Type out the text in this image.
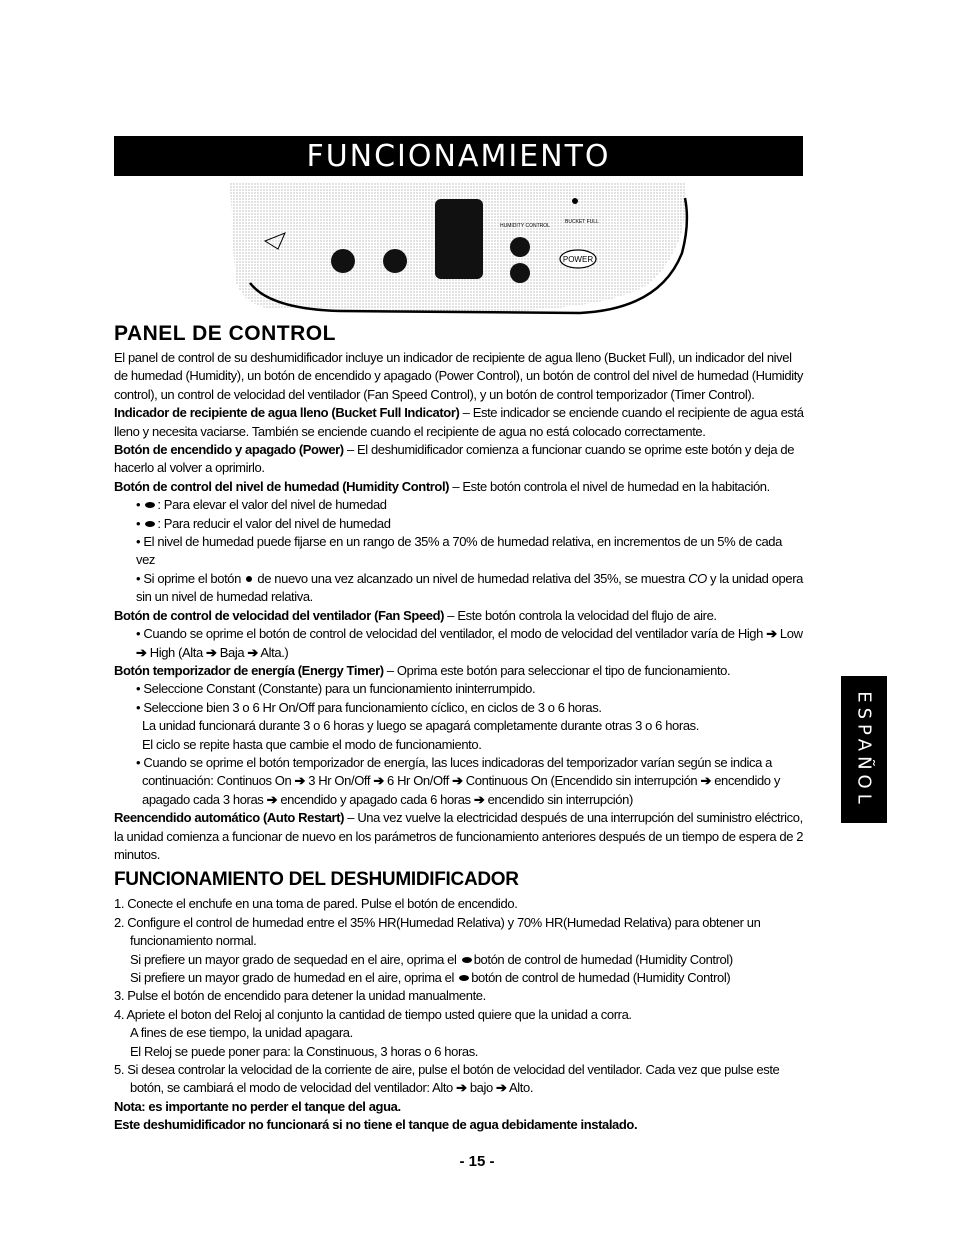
FUNCIONAMIENTO
POWER
HUMIDITY CONTROL
BUCKET FULL
PANEL DE CONTROL

El panel de control de su deshumidificador incluye un indicador de recipiente de agua lleno (Bucket Full), un indicador del nivel de humedad (Humidity), un botón de encendido y apagado (Power Control), un botón de control del nivel de humedad (Humidity control), un control de velocidad del ventilador (Fan Speed Control), y un botón de control temporizador (Timer Control).

Indicador de recipiente de agua lleno (Bucket Full Indicator) – Este indicador se enciende cuando el recipiente de agua está lleno y necesita vaciarse. También se enciende cuando el recipiente de agua no está colocado correctamente.

Botón de encendido y apagado (Power) – El deshumidificador comienza a funcionar cuando se oprime este botón y deja de hacerlo al volver a oprimirlo.

Botón de control del nivel de humedad (Humidity Control) – Este botón controla el nivel de humedad en la habitación.

• : Para elevar el valor del nivel de humedad

• : Para reducir el valor del nivel de humedad

• El nivel de humedad puede fijarse en un rango de 35% a 70% de humedad relativa, en incrementos de un 5% de cada vez

• Si oprime el botón de nuevo una vez alcanzado un nivel de humedad relativa del 35%, se muestra CO y la unidad opera sin un nivel de humedad relativa.

Botón de control de velocidad del ventilador (Fan Speed) – Este botón controla la velocidad del flujo de aire.

• Cuando se oprime el botón de control de velocidad del ventilador, el modo de velocidad del ventilador varía de High ➔ Low
➔ High (Alta ➔ Baja ➔ Alta.)

Botón temporizador de energía (Energy Timer) – Oprima este botón para seleccionar el tipo de funcionamiento.

• Seleccione Constant (Constante) para un funcionamiento ininterrumpido.

• Seleccione bien 3 o 6 Hr On/Off para funcionamiento cíclico, en ciclos de 3 o 6 horas.

La unidad funcionará durante 3 o 6 horas y luego se apagará completamente durante otras 3 o 6 horas.

El ciclo se repite hasta que cambie el modo de funcionamiento.

• Cuando se oprime el botón temporizador de energía, las luces indicadoras del temporizador varían según se indica a
continuación: Continuos On ➔ 3 Hr On/Off ➔ 6 Hr On/Off ➔ Continuous On (Encendido sin interrupción ➔ encendido y
apagado cada 3 horas ➔ encendido y apagado cada 6 horas ➔ encendido sin interrupción)

Reencendido automático (Auto Restart) – Una vez vuelve la electricidad después de una interrupción del suministro eléctrico, la unidad comienza a funcionar de nuevo en los parámetros de funcionamiento anteriores después de un tiempo de espera de 2 minutos.

FUNCIONAMIENTO DEL DESHUMIDIFICADOR

1. Conecte el enchufe en una toma de pared. Pulse el botón de encendido.

2. Configure el control de humedad entre el 35% HR(Humedad Relativa) y 70% HR(Humedad Relativa) para obtener un funcionamiento normal.

Si prefiere un mayor grado de sequedad en el aire, oprima el botón de control de humedad (Humidity Control)

Si prefiere un mayor grado de humedad en el aire, oprima el botón de control de humedad (Humidity Control)

3. Pulse el botón de encendido para detener la unidad manualmente.

4. Apriete el boton del Reloj al conjunto la cantidad de tiempo usted quiere que la unidad a corra.

A fines de ese tiempo, la unidad apagara.

El Reloj se puede poner para: la Constinuous, 3 horas o 6 horas.

5. Si desea controlar la velocidad de la corriente de aire, pulse el botón de velocidad del ventilador. Cada vez que pulse este botón, se cambiará el modo de velocidad del ventilador: Alto ➔ bajo ➔ Alto.

Nota: es importante no perder el tanque del agua.

Este deshumidificador no funcionará si no tiene el tanque de agua debidamente instalado.

- 15 -
ESPAÑOL
